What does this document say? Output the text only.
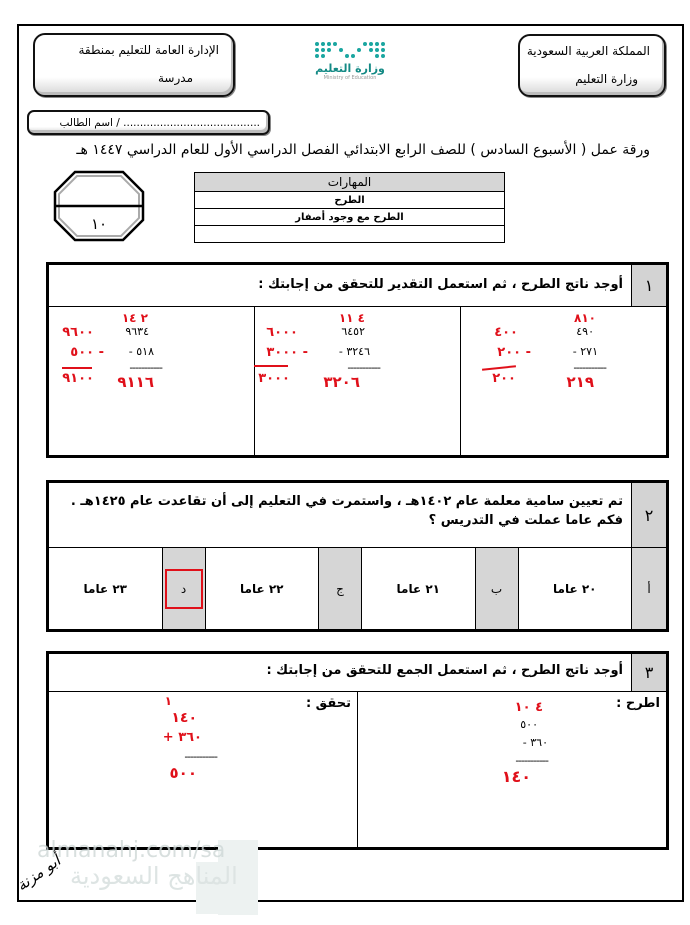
المملكة العربية السعودية
وزارة التعليم
وزارة التعليم
Ministry of Education
الإدارة العامة للتعليم بمنطقة
مدرسة
اسم الطالب / .........................................
ورقة عمل ( الأسبوع السادس ) للصف الرابع الابتدائي الفصل الدراسي الأول للعام الدراسي ١٤٤٧ هـ
١٠
المهارات
الطرح
الطرح مع وجود أصفار

١
أوجد ناتج الطرح ، ثم استعمل التقدير للتحقق من إجابتك :
٨١٠
٤٩٠
٢٧١ -
-----------
٢١٩
٤٠٠
- ٢٠٠
٢٠٠
٤ ١١
٦٤٥٢
٣٢٤٦ -
-----------
٣٢٠٦
٦٠٠٠
- ٣٠٠٠
٣٠٠٠
٢ ١٤
٩٦٣٤
٥١٨ -
-----------
٩١١٦
٩٦٠٠
- ٥٠٠
٩١٠٠
٢
تم تعيين سامية معلمة عام ١٤٠٢هـ ، واستمرت في التعليم إلى أن تقاعدت عام ١٤٢٥هـ . فكم عاما عملت في التدريس ؟
أ
٢٠ عاما
ب
٢١ عاما
ج
٢٢ عاما
د
٢٣ عاما
٣
أوجد ناتج الطرح ، ثم استعمل الجمع للتحقق من إجابتك :
اطرح :
٤ ١٠
٥٠٠
٣٦٠ -
-----------
١٤٠
تحقق :
١
١٤٠
٣٦٠ +
-----------
٥٠٠
almanahj.com/sa
المناهج السعودية
أبو مزنة
